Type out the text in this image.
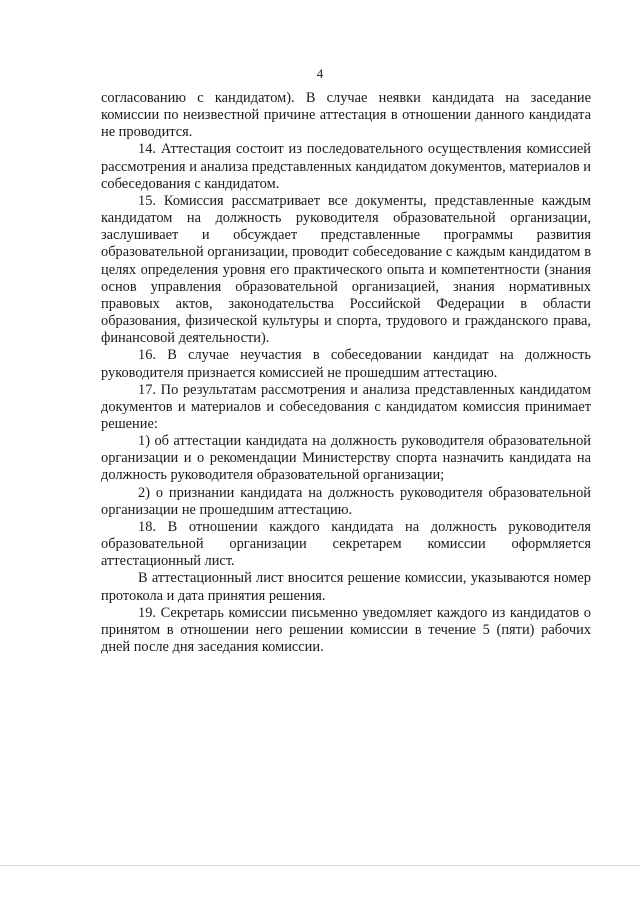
4

согласованию с кандидатом). В случае неявки кандидата на заседание комиссии по неизвестной причине аттестация в отношении данного кандидата не проводится.

14. Аттестация состоит из последовательного осуществления комиссией рассмотрения и анализа представленных кандидатом документов, материалов и собеседования с кандидатом.

15. Комиссия рассматривает все документы, представленные каждым кандидатом на должность руководителя образовательной организации, заслушивает и обсуждает представленные программы развития образовательной организации, проводит собеседование с каждым кандидатом в целях определения уровня его практического опыта и компетентности (знания основ управления образовательной организацией, знания нормативных правовых актов, законодательства Российской Федерации в области образования, физической культуры и спорта, трудового и гражданского права, финансовой деятельности).

16. В случае неучастия в собеседовании кандидат на должность руководителя признается комиссией не прошедшим аттестацию.

17. По результатам рассмотрения и анализа представленных кандидатом документов и материалов и собеседования с кандидатом комиссия принимает решение:

1) об аттестации кандидата на должность руководителя образовательной организации и о рекомендации Министерству спорта назначить кандидата на должность руководителя образовательной организации;

2) о признании кандидата на должность руководителя образовательной организации не прошедшим аттестацию.

18. В отношении каждого кандидата на должность руководителя образовательной организации секретарем комиссии оформляется аттестационный лист.

В аттестационный лист вносится решение комиссии, указываются номер протокола и дата принятия решения.

19. Секретарь комиссии письменно уведомляет каждого из кандидатов о принятом в отношении него решении комиссии в течение 5 (пяти) рабочих дней после дня заседания комиссии.
